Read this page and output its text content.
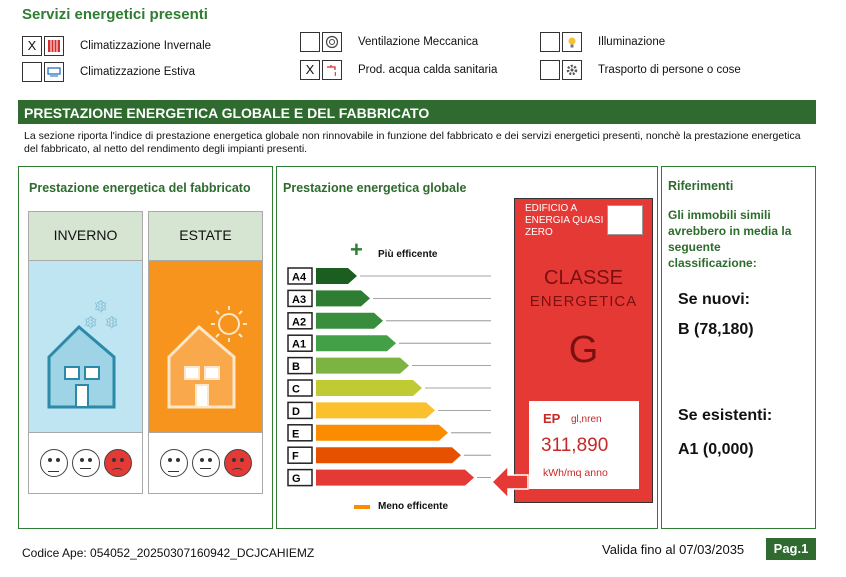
Servizi energetici presenti
X	Climatizzazione Invernale
Climatizzazione Estiva
Ventilazione Meccanica
X	Prod. acqua calda sanitaria
Illuminazione
Trasporto di persone o cose
PRESTAZIONE ENERGETICA GLOBALE E DEL FABBRICATO
La sezione riporta l'indice di prestazione energetica globale non rinnovabile in funzione del fabbricato e dei servizi energetici presenti, nonchè la prestazione energetica del fabbricato, al netto del rendimento degli impianti presenti.
Prestazione energetica del fabbricato
INVERNO
❄
❄ ❄
ESTATE
Prestazione energetica globale
+ Più efficente
A4
A3
A2
A1
B
C
D
E
F
G
Meno efficente
EDIFICIO A ENERGIA QUASI ZERO
CLASSE
ENERGETICA
G
EP gl,nren
311,890
kWh/mq anno
Riferimenti
Gli immobili simili avrebbero in media la seguente classificazione:
Se nuovi:
B (78,180)
Se esistenti:
A1 (0,000)
Codice Ape: 054052_20250307160942_DCJCAHIEMZ	Valida fino al 07/03/2035	Pag.1
